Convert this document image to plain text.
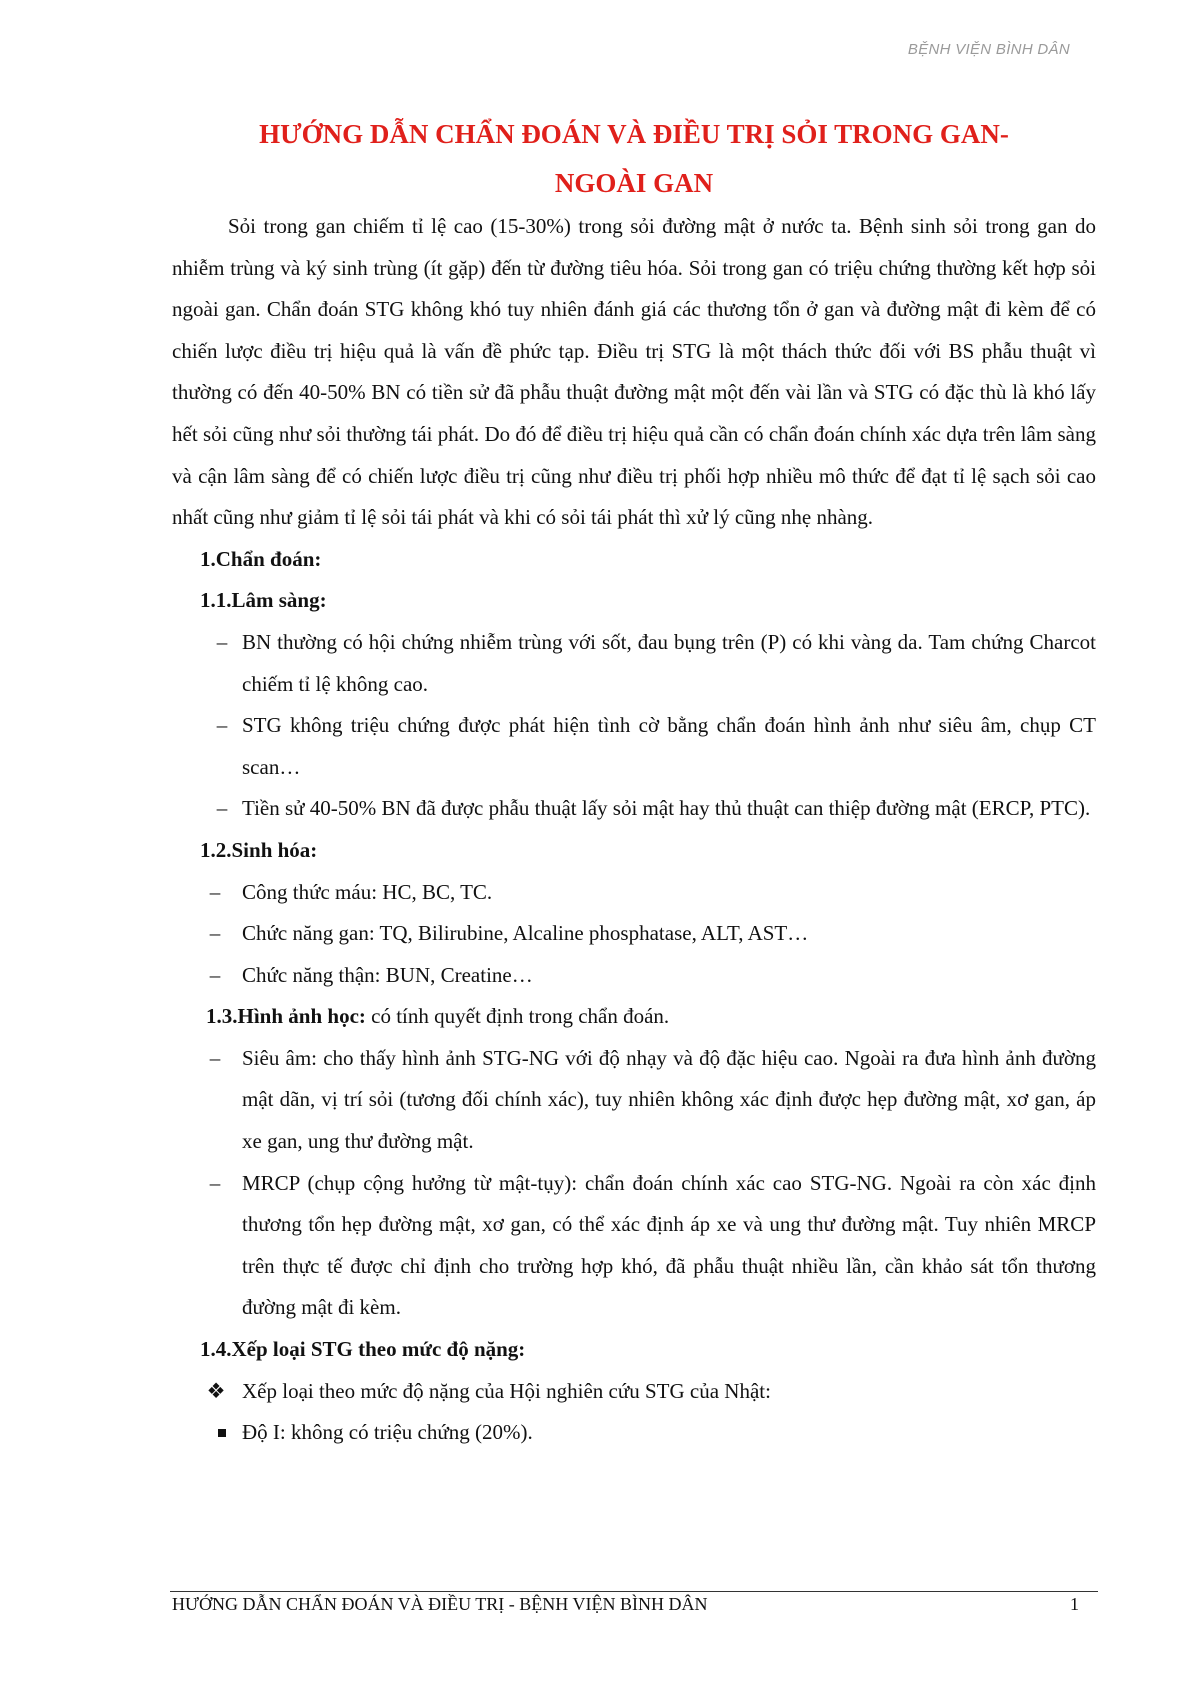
BỆNH VIỆN BÌNH DÂN
HƯỚNG DẪN CHẨN ĐOÁN VÀ ĐIỀU TRỊ SỎI TRONG GAN-
NGOÀI GAN

Sỏi trong gan chiếm tỉ lệ cao (15-30%) trong sỏi đường mật ở nước ta. Bệnh sinh sỏi trong gan do nhiễm trùng và ký sinh trùng (ít gặp) đến từ đường tiêu hóa. Sỏi trong gan có triệu chứng thường kết hợp sỏi ngoài gan. Chẩn đoán STG không khó tuy nhiên đánh giá các thương tổn ở gan và đường mật đi kèm để có chiến lược điều trị hiệu quả là vấn đề phức tạp. Điều trị STG là một thách thức đối với BS phẫu thuật vì thường có đến 40-50% BN có tiền sử đã phẫu thuật đường mật một đến vài lần và STG có đặc thù là khó lấy hết sỏi cũng như sỏi thường tái phát. Do đó để điều trị hiệu quả cần có chẩn đoán chính xác dựa trên lâm sàng và cận lâm sàng để có chiến lược điều trị cũng như điều trị phối hợp nhiều mô thức để đạt tỉ lệ sạch sỏi cao nhất cũng như giảm tỉ lệ sỏi tái phát và khi có sỏi tái phát thì xử lý cũng nhẹ nhàng.

1.Chẩn đoán:

1.1.Lâm sàng:

– BN thường có hội chứng nhiễm trùng với sốt, đau bụng trên (P) có khi vàng da. Tam chứng Charcot chiếm tỉ lệ không cao.
– STG không triệu chứng được phát hiện tình cờ bằng chẩn đoán hình ảnh như siêu âm, chụp CT scan…
– Tiền sử 40-50% BN đã được phẫu thuật lấy sỏi mật hay thủ thuật can thiệp đường mật (ERCP, PTC).

1.2.Sinh hóa:

– Công thức máu: HC, BC, TC.
– Chức năng gan: TQ, Bilirubine, Alcaline phosphatase, ALT, AST…
– Chức năng thận: BUN, Creatine…

1.3.Hình ảnh học: có tính quyết định trong chẩn đoán.

– Siêu âm: cho thấy hình ảnh STG-NG với độ nhạy và độ đặc hiệu cao. Ngoài ra đưa hình ảnh đường mật dãn, vị trí sỏi (tương đối chính xác), tuy nhiên không xác định được hẹp đường mật, xơ gan, áp xe gan, ung thư đường mật.
– MRCP (chụp cộng hưởng từ mật-tụy): chẩn đoán chính xác cao STG-NG. Ngoài ra còn xác định thương tổn hẹp đường mật, xơ gan, có thể xác định áp xe và ung thư đường mật. Tuy nhiên MRCP trên thực tế được chỉ định cho trường hợp khó, đã phẫu thuật nhiều lần, cần khảo sát tổn thương đường mật đi kèm.

1.4.Xếp loại STG theo mức độ nặng:

❖ Xếp loại theo mức độ nặng của Hội nghiên cứu STG của Nhật:
Độ I: không có triệu chứng (20%).
HƯỚNG DẪN CHẨN ĐOÁN VÀ ĐIỀU TRỊ - BỆNH VIỆN BÌNH DÂN	1
